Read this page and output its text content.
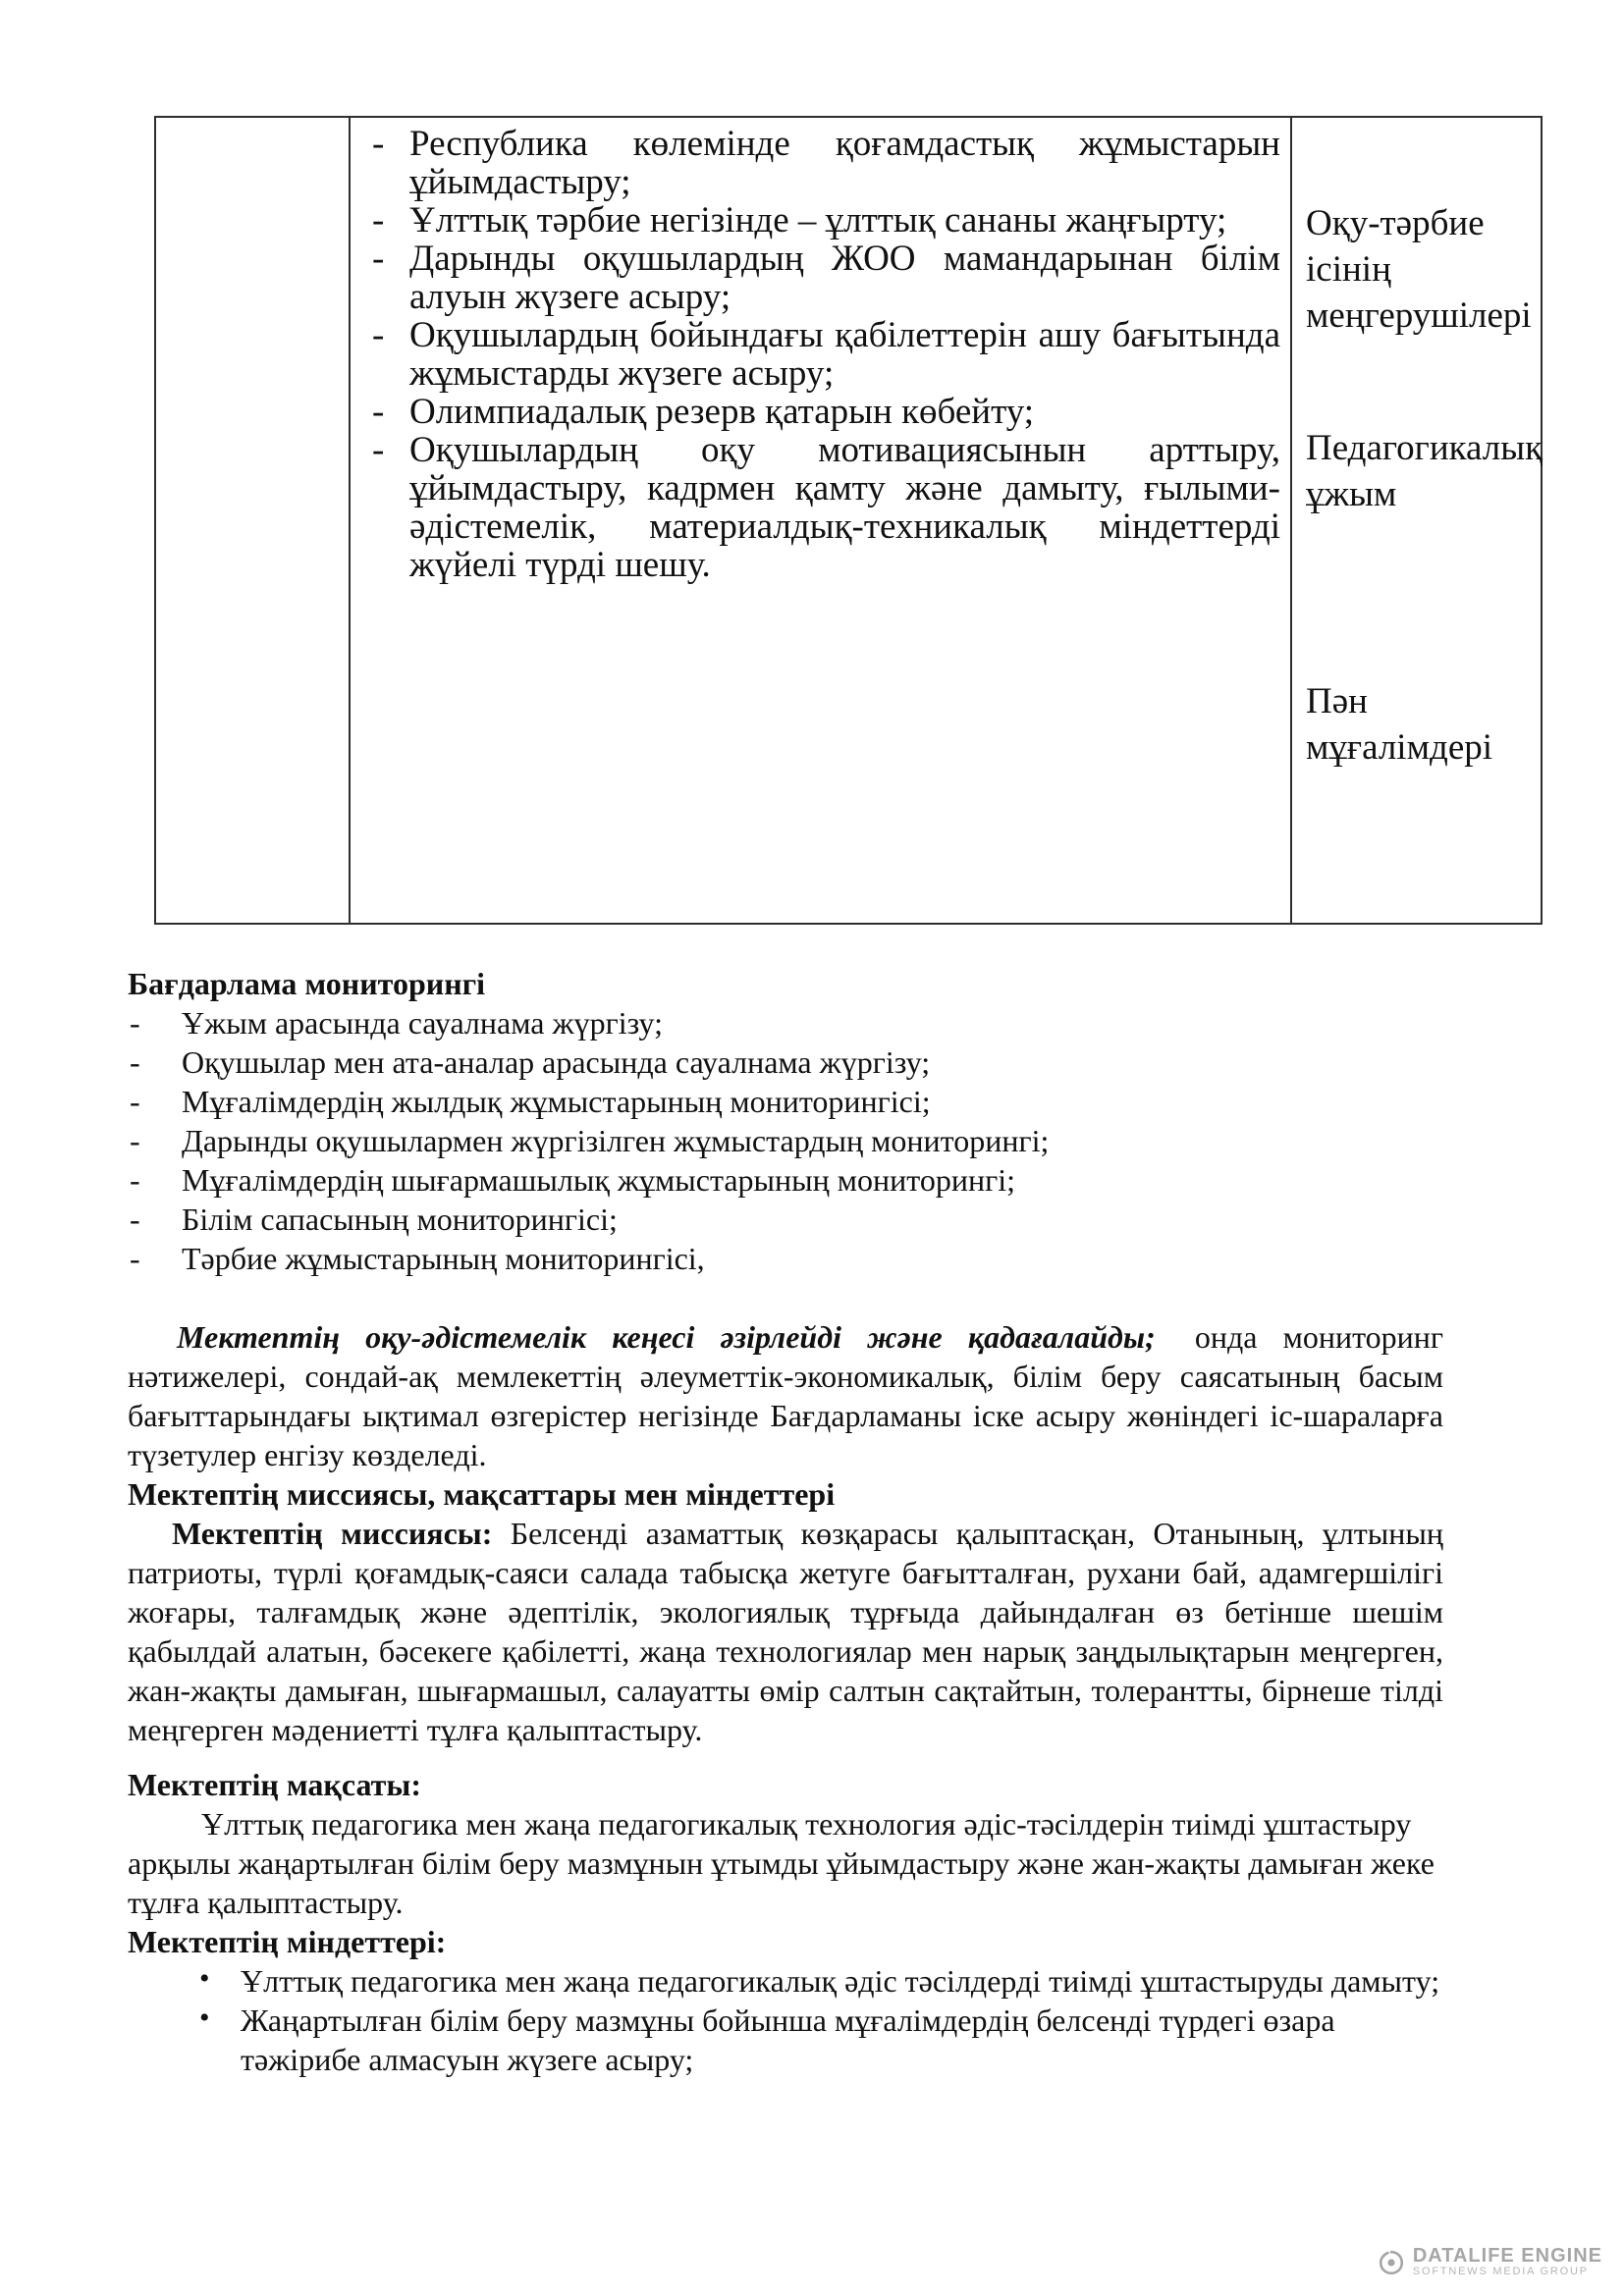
- Республика көлемінде қоғамдастық жұмыстарын ұйымдастыру;
- Ұлттық тәрбие негізінде – ұлттық сананы жаңғырту;
- Дарынды оқушылардың ЖОО мамандарынан білім алуын жүзеге асыру;
- Оқушылардың бойындағы қабілеттерін ашу бағытында жұмыстарды жүзеге асыру;
- Олимпиадалық резерв қатарын көбейту;
- Оқушылардың оқу мотивациясынын арттыру, ұйымдастыру, кадрмен қамту және дамыту, ғылыми-әдістемелік, материалдық-техникалық міндеттерді жүйелі түрді шешу.
Оқу-тәрбие ісінің меңгерушілері
Педагогикалық ұжым
Пән мұғалімдері
Бағдарлама мониторингі
- Ұжым арасында сауалнама жүргізу;
- Оқушылар мен ата-аналар арасында сауалнама жүргізу;
- Мұғалімдердің жылдық жұмыстарының мониторингісі;
- Дарынды оқушылармен жүргізілген жұмыстардың мониторингі;
- Мұғалімдердің шығармашылық жұмыстарының мониторингі;
- Білім сапасының мониторингісі;
- Тәрбие жұмыстарының мониторингісі,

Мектептің оқу-әдістемелік кеңесі әзірлейді және қадағалайды; онда мониторинг нәтижелері, сондай-ақ мемлекеттің әлеуметтік-экономикалық, білім беру саясатының басым бағыттарындағы ықтимал өзгерістер негізінде Бағдарламаны іске асыру жөніндегі іс-шараларға түзетулер енгізу көзделеді.

Мектептің миссиясы, мақсаттары мен міндеттері

Мектептің миссиясы: Белсенді азаматтық көзқарасы қалыптасқан, Отанының, ұлтының патриоты, түрлі қоғамдық-саяси салада табысқа жетуге бағытталған, рухани бай, адамгершілігі жоғары, талғамдық және әдептілік, экологиялық тұрғыда дайындалған өз бетінше шешім қабылдай алатын, бәсекеге қабілетті, жаңа технологиялар мен нарық заңдылықтарын меңгерген, жан-жақты дамыған, шығармашыл, салауатты өмір салтын сақтайтын, толерантты, бірнеше тілді меңгерген мәдениетті тұлға қалыптастыру.

Мектептің мақсаты:

Ұлттық педагогика мен жаңа педагогикалық технология әдіс-тәсілдерін тиімді ұштастыру арқылы жаңартылған білім беру мазмұнын ұтымды ұйымдастыру және жан-жақты дамыған жеке тұлға қалыптастыру.

Мектептің міндеттері:
• Ұлттық педагогика мен жаңа педагогикалық әдіс тәсілдерді тиімді ұштастыруды дамыту;
• Жаңартылған білім беру мазмұны бойынша мұғалімдердің белсенді түрдегі өзара тәжірибе алмасуын жүзеге асыру;
DATALIFE ENGINE
SOFTNEWS MEDIA GROUP
